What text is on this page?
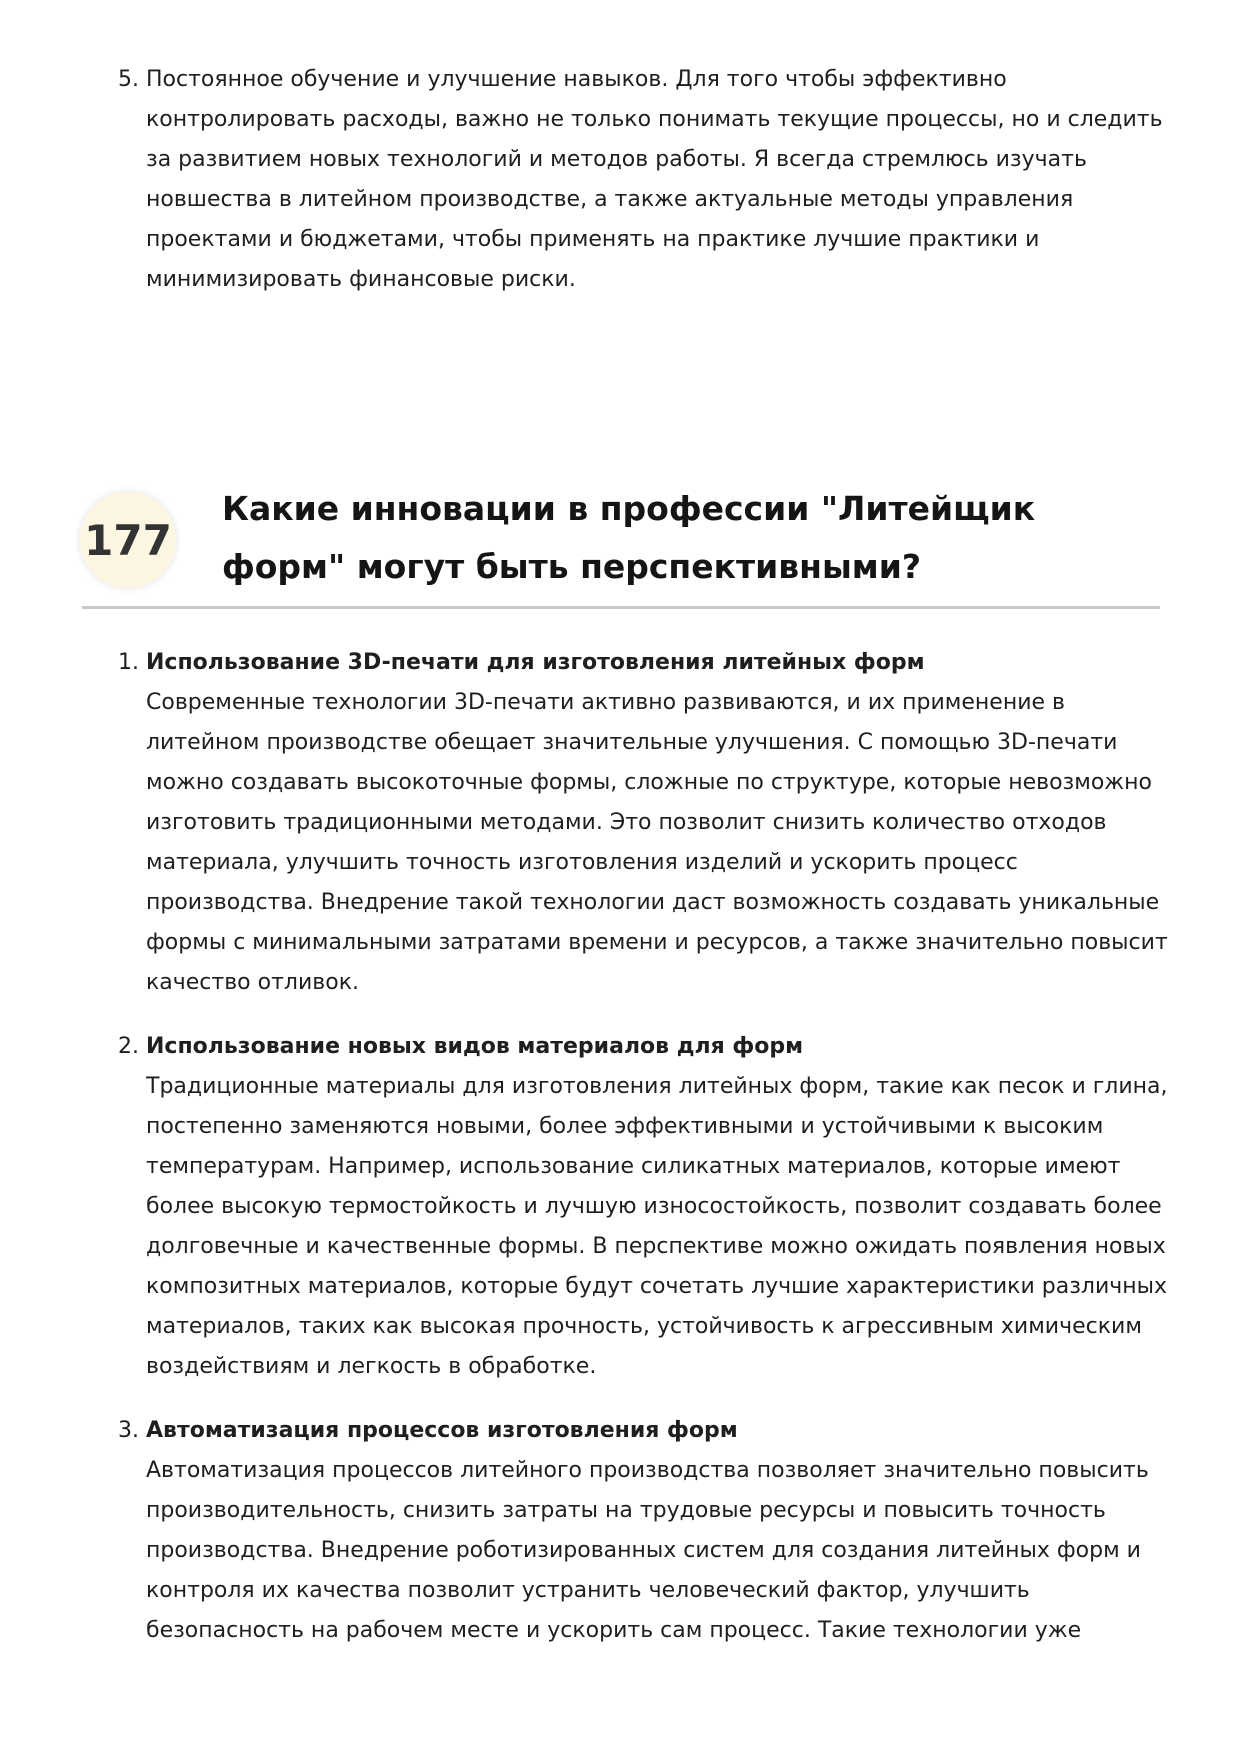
5. Постоянное обучение и улучшение навыков. Для того чтобы эффективно контролировать расходы, важно не только понимать текущие процессы, но и следить за развитием новых технологий и методов работы. Я всегда стремлюсь изучать новшества в литейном производстве, а также актуальные методы управления проектами и бюджетами, чтобы применять на практике лучшие практики и минимизировать финансовые риски.

177
Какие инновации в профессии "Литейщик форм" могут быть перспективными?
1. Использование 3D-печати для изготовления литейных форм

Современные технологии 3D-печати активно развиваются, и их применение в литейном производстве обещает значительные улучшения. С помощью 3D-печати можно создавать высокоточные формы, сложные по структуре, которые невозможно изготовить традиционными методами. Это позволит снизить количество отходов материала, улучшить точность изготовления изделий и ускорить процесс производства. Внедрение такой технологии даст возможность создавать уникальные формы с минимальными затратами времени и ресурсов, а также значительно повысит качество отливок.

2. Использование новых видов материалов для форм

Традиционные материалы для изготовления литейных форм, такие как песок и глина, постепенно заменяются новыми, более эффективными и устойчивыми к высоким температурам. Например, использование силикатных материалов, которые имеют более высокую термостойкость и лучшую износостойкость, позволит создавать более долговечные и качественные формы. В перспективе можно ожидать появления новых композитных материалов, которые будут сочетать лучшие характеристики различных материалов, таких как высокая прочность, устойчивость к агрессивным химическим воздействиям и легкость в обработке.

3. Автоматизация процессов изготовления форм

Автоматизация процессов литейного производства позволяет значительно повысить производительность, снизить затраты на трудовые ресурсы и повысить точность производства. Внедрение роботизированных систем для создания литейных форм и контроля их качества позволит устранить человеческий фактор, улучшить безопасность на рабочем месте и ускорить сам процесс. Такие технологии уже
